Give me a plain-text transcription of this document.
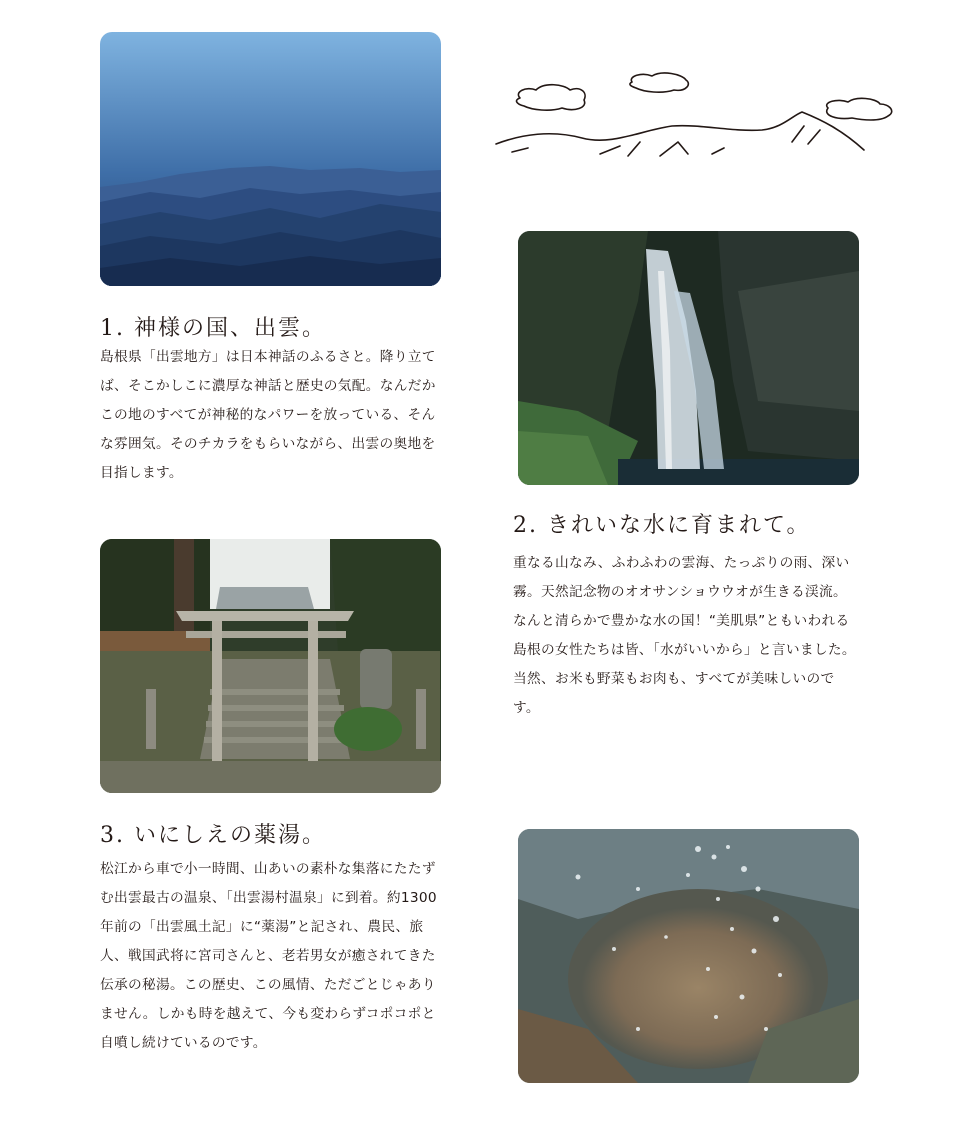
1. 神様の国、出雲。

島根県「出雲地方」は日本神話のふるさと。降り立てば、そこかしこに濃厚な神話と歴史の気配。なんだかこの地のすべてが神秘的なパワーを放っている、そんな雰囲気。そのチカラをもらいながら、出雲の奥地を目指します。

2. きれいな水に育まれて。

重なる山なみ、ふわふわの雲海、たっぷりの雨、深い霧。天然記念物のオオサンショウウオが生きる渓流。なんと清らかで豊かな水の国！“美肌県”ともいわれる島根の女性たちは皆、「水がいいから」と言いました。当然、お米も野菜もお肉も、すべてが美味しいのです。

3. いにしえの薬湯。

松江から車で小一時間、山あいの素朴な集落にたたずむ出雲最古の温泉、「出雲湯村温泉」に到着。約1300年前の「出雲風土記」に“薬湯”と記され、農民、旅人、戦国武将に宮司さんと、老若男女が癒されてきた伝承の秘湯。この歴史、この風情、ただごとじゃありません。しかも時を越えて、今も変わらずコポコポと自噴し続けているのです。
